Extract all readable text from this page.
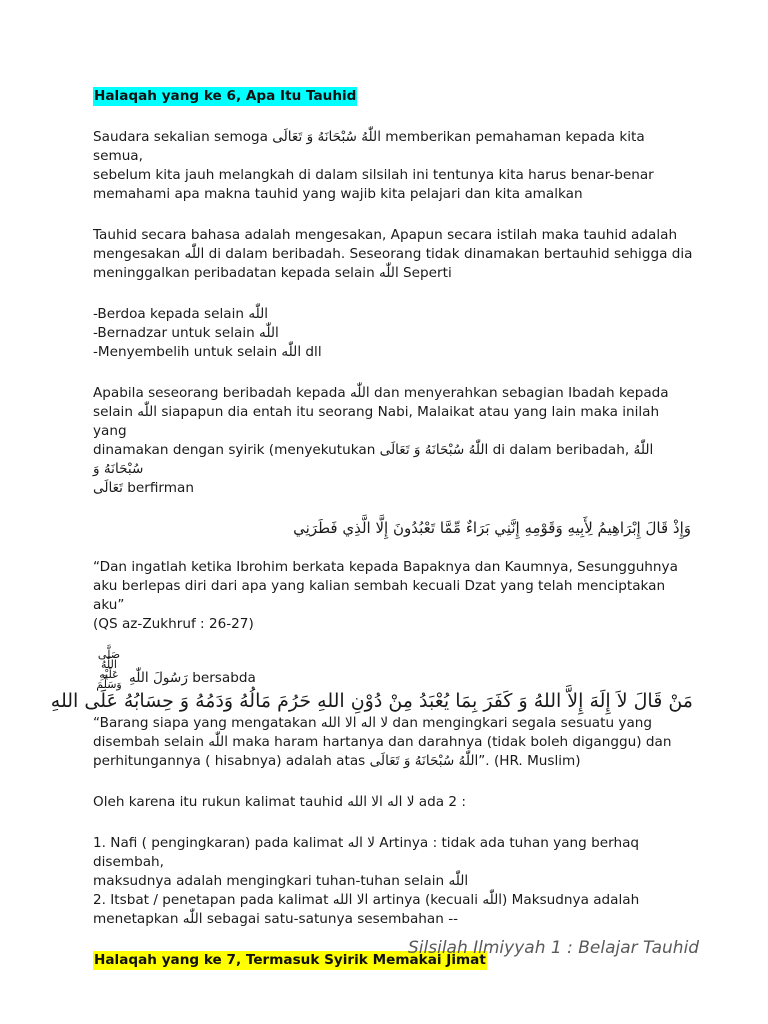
Halaqah yang ke 6, Apa Itu Tauhid

Saudara sekalian semoga اللّٰهُ سُبْحَانَهُ وَ تَعَالَى memberikan pemahaman kepada kita semua,

sebelum kita jauh melangkah di dalam silsilah ini tentunya kita harus benar-benar

memahami apa makna tauhid yang wajib kita pelajari dan kita amalkan

Tauhid secara bahasa adalah mengesakan, Apapun secara istilah maka tauhid adalah

mengesakan اللّٰه di dalam beribadah. Seseorang tidak dinamakan bertauhid sehigga dia

meninggalkan peribadatan kepada selain اللّٰه Seperti

-Berdoa kepada selain اللّٰه

-Bernadzar untuk selain اللّٰه

-Menyembelih untuk selain اللّٰه dll

Apabila seseorang beribadah kepada اللّٰه dan menyerahkan sebagian Ibadah kepada

selain اللّٰه siapapun dia entah itu seorang Nabi, Malaikat atau yang lain maka inilah yang

dinamakan dengan syirik (menyekutukan اللّٰهُ سُبْحَانَهُ وَ تَعَالَى di dalam beribadah, اللّٰهُ سُبْحَانَهُ وَ

تَعَالَى berfirman

وَإِذْ قَالَ إِبْرَاهِيمُ لِأَبِيهِ وَقَوْمِهِ إِنَّنِي بَرَاءٌ مِّمَّا تَعْبُدُونَ إِلَّا الَّذِي فَطَرَنِي

“Dan ingatlah ketika Ibrohim berkata kepada Bapaknya dan Kaumnya, Sesungguhnya

aku berlepas diri dari apa yang kalian sembah kecuali Dzat yang telah menciptakan aku”

(QS az-Zukhruf : 26-27)

صَلَّى اللّٰهُ عَلَيْهِ وَسَلَّمَ رَسُولَ اللّٰهِ bersabda

مَنْ قَالَ لاَ إِلَهَ إِلاَّ اللهُ وَ كَفَرَ بِمَا يُعْبَدُ مِنْ دُوْنِ اللهِ حَرُمَ مَالُهُ وَدَمُهُ وَ حِسَابُهُ عَلَى اللهِ

“Barang siapa yang mengatakan لا اله الا الله dan mengingkari segala sesuatu yang

disembah selain اللّٰه maka haram hartanya dan darahnya (tidak boleh diganggu) dan

perhitungannya ( hisabnya) adalah atas اللّٰهُ سُبْحَانَهُ وَ تَعَالَى”. (HR. Muslim)

Oleh karena itu rukun kalimat tauhid لا اله الا الله ada 2 :

1. Nafi ( pengingkaran) pada kalimat لا اله Artinya : tidak ada tuhan yang berhaq

disembah,

maksudnya adalah mengingkari tuhan-tuhan selain اللّٰه

2. Itsbat / penetapan pada kalimat الا الله artinya (kecuali اللّٰه) Maksudnya adalah

menetapkan اللّٰه sebagai satu-satunya sesembahan --

Halaqah yang ke 7, Termasuk Syirik Memakai Jimat
Silsilah Ilmiyyah 1 : Belajar Tauhid
